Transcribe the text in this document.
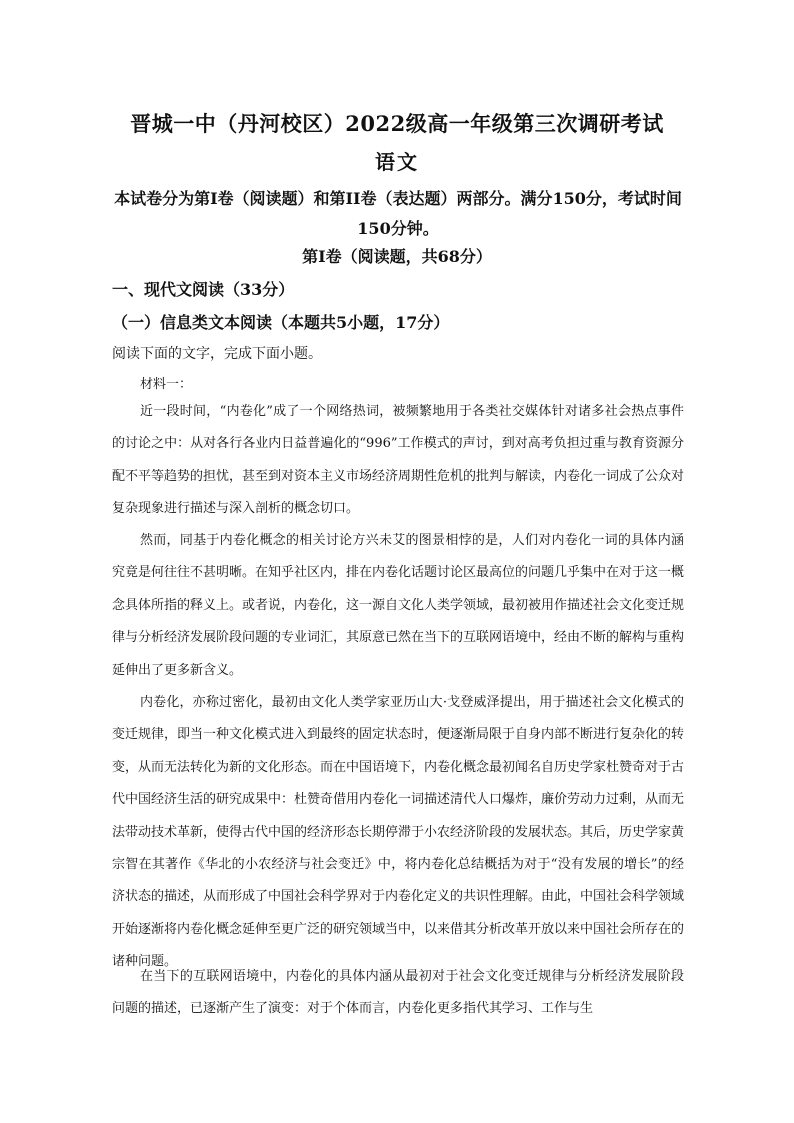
晋城一中（丹河校区）2022级高一年级第三次调研考试
语文
本试卷分为第I卷（阅读题）和第II卷（表达题）两部分。满分150分，考试时间150分钟。
第I卷（阅读题，共68分）
一、现代文阅读（33分）
（一）信息类文本阅读（本题共5小题，17分）
阅读下面的文字，完成下面小题。
材料一：
近一段时间，“内卷化”成了一个网络热词，被频繁地用于各类社交媒体针对诸多社会热点事件的讨论之中：从对各行各业内日益普遍化的“996”工作模式的声讨，到对高考负担过重与教育资源分配不平等趋势的担忧，甚至到对资本主义市场经济周期性危机的批判与解读，内卷化一词成了公众对复杂现象进行描述与深入剖析的概念切口。
然而，同基于内卷化概念的相关讨论方兴未艾的图景相悖的是，人们对内卷化一词的具体内涵究竟是何往往不甚明晰。在知乎社区内，排在内卷化话题讨论区最高位的问题几乎集中在对于这一概念具体所指的释义上。或者说，内卷化，这一源自文化人类学领域，最初被用作描述社会文化变迁规律与分析经济发展阶段问题的专业词汇，其原意已然在当下的互联网语境中，经由不断的解构与重构延伸出了更多新含义。
内卷化，亦称过密化，最初由文化人类学家亚历山大·戈登威泽提出，用于描述社会文化模式的变迁规律，即当一种文化模式进入到最终的固定状态时，便逐渐局限于自身内部不断进行复杂化的转变，从而无法转化为新的文化形态。而在中国语境下，内卷化概念最初闻名自历史学家杜赞奇对于古代中国经济生活的研究成果中：杜赞奇借用内卷化一词描述清代人口爆炸，廉价劳动力过剩，从而无法带动技术革新，使得古代中国的经济形态长期停滞于小农经济阶段的发展状态。其后，历史学家黄宗智在其著作《华北的小农经济与社会变迁》中，将内卷化总结概括为对于“没有发展的增长”的经济状态的描述，从而形成了中国社会科学界对于内卷化定义的共识性理解。由此，中国社会科学领域开始逐渐将内卷化概念延伸至更广泛的研究领域当中，以来借其分析改革开放以来中国社会所存在的诸种问题。
在当下的互联网语境中，内卷化的具体内涵从最初对于社会文化变迁规律与分析经济发展阶段问题的描述，已逐渐产生了演变：对于个体而言，内卷化更多指代其学习、工作与生
